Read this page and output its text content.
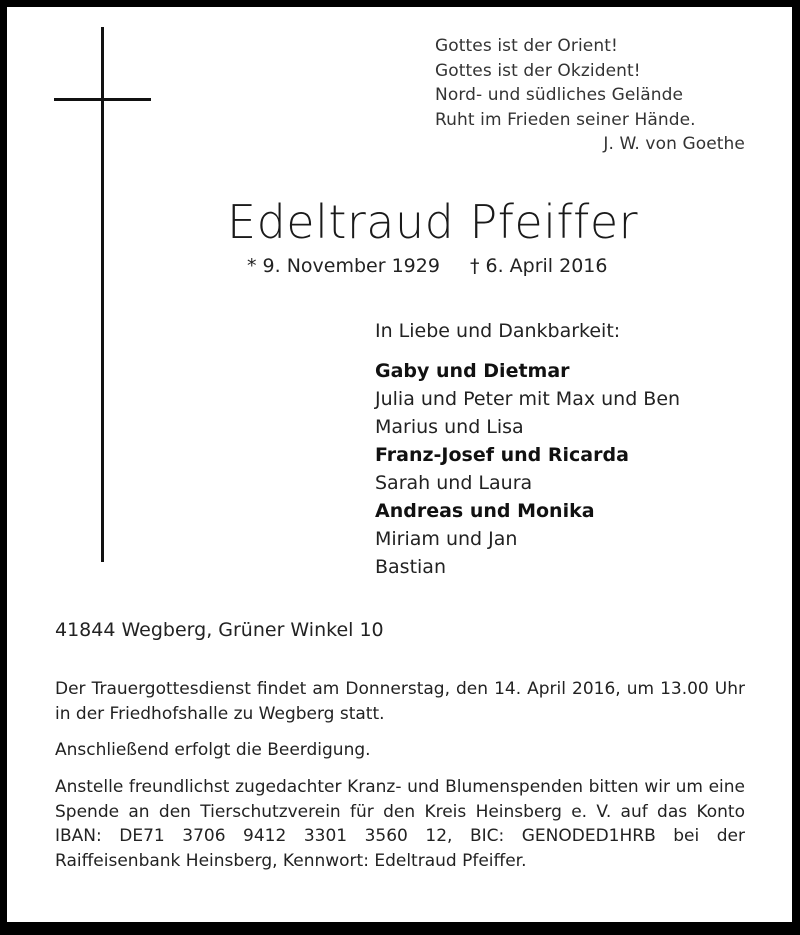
Gottes ist der Orient!
Gottes ist der Okzident!
Nord- und südliches Gelände
Ruht im Frieden seiner Hände.
J. W. von Goethe
Edeltraud Pfeiffer
* 9. November 1929 † 6. April 2016
In Liebe und Dankbarkeit:
Gaby und Dietmar
Julia und Peter mit Max und Ben
Marius und Lisa
Franz-Josef und Ricarda
Sarah und Laura
Andreas und Monika
Miriam und Jan
Bastian
41844 Wegberg, Grüner Winkel 10
Der Trauergottesdienst findet am Donnerstag, den 14. April 2016, um 13.00 Uhr in der Friedhofshalle zu Wegberg statt.
Anschließend erfolgt die Beerdigung.
Anstelle freundlichst zugedachter Kranz- und Blumenspenden bitten wir um eine Spende an den Tierschutzverein für den Kreis Heinsberg e. V. auf das Konto IBAN: DE71 3706 9412 3301 3560 12, BIC: GENODED1HRB bei der Raiffeisenbank Heinsberg, Kennwort: Edeltraud Pfeiffer.
